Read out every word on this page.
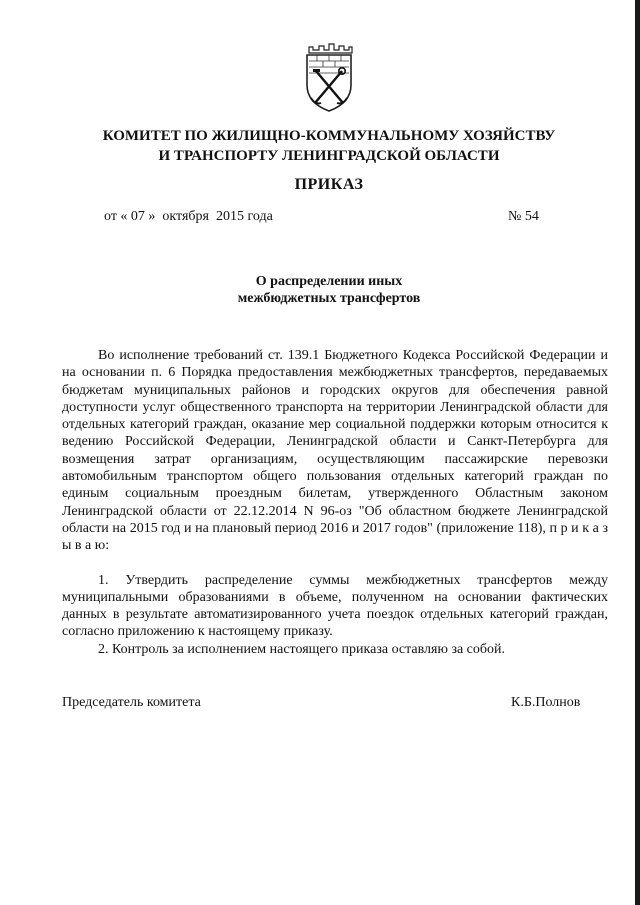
КОМИТЕТ ПО ЖИЛИЩНО-КОММУНАЛЬНОМУ ХОЗЯЙСТВУ
И ТРАНСПОРТУ ЛЕНИНГРАДСКОЙ ОБЛАСТИ
ПРИКАЗ
от « 07 »  октября  2015 года	№ 54
О распределении иных
межбюджетных трансфертов

Во исполнение требований ст. 139.1 Бюджетного Кодекса Российской Федерации и на основании п. 6 Порядка предоставления межбюджетных трансфертов, передаваемых бюджетам муниципальных районов и городских округов для обеспечения равной доступности услуг общественного транспорта на территории Ленинградской области для отдельных категорий граждан, оказание мер социальной поддержки которым относится к ведению Российской Федерации, Ленинградской области и Санкт-Петербурга для возмещения затрат организациям, осуществляющим пассажирские перевозки автомобильным транспортом общего пользования отдельных категорий граждан по единым социальным проездным билетам, утвержденного Областным законом Ленинградской области от 22.12.2014 N 96-оз "Об областном бюджете Ленинградской области на 2015 год и на плановый период 2016 и 2017 годов" (приложение 118), п р и к а з ы в а ю:

1. Утвердить распределение суммы межбюджетных трансфертов между муниципальными образованиями в объеме, полученном на основании фактических данных в результате автоматизированного учета поездок отдельных категорий граждан, согласно приложению к настоящему приказу.

2. Контроль за исполнением настоящего приказа оставляю за собой.

Председатель комитета	К.Б.Полнов
